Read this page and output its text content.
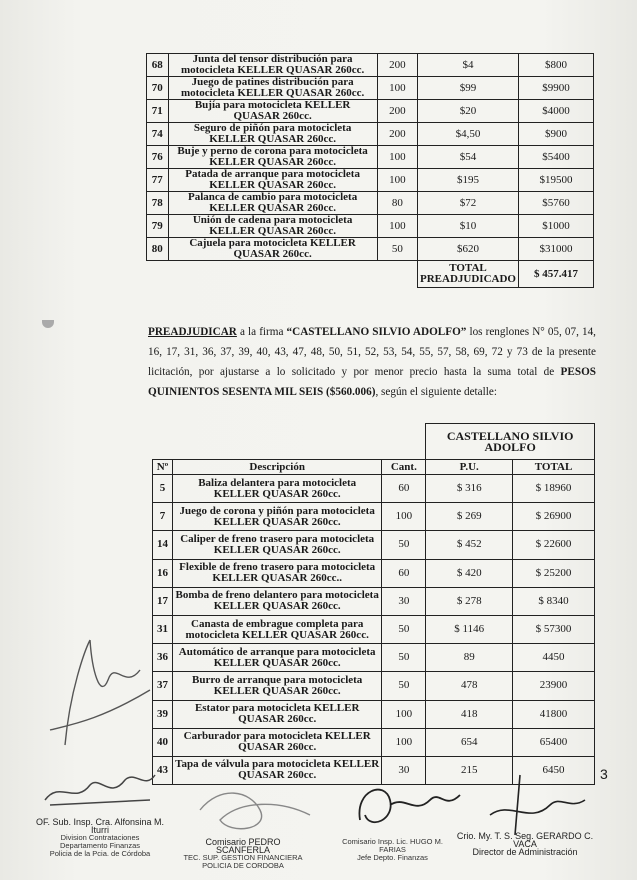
68	Junta del tensor distribución para motocicleta KELLER QUASAR 260cc.	200	$4	$800
70	Juego de patines distribución para motocicleta KELLER QUASAR 260cc.	100	$99	$9900
71	Bujía para motocicleta KELLER QUASAR 260cc.	200	$20	$4000
74	Seguro de piñón para motocicleta KELLER QUASAR 260cc.	200	$4,50	$900
76	Buje y perno de corona para motocicleta KELLER QUASAR 260cc.	100	$54	$5400
77	Patada de arranque para motocicleta KELLER QUASAR 260cc.	100	$195	$19500
78	Palanca de cambio para motocicleta KELLER QUASAR 260cc.	80	$72	$5760
79	Unión de cadena para motocicleta KELLER QUASAR 260cc.	100	$10	$1000
80	Cajuela para motocicleta KELLER QUASAR 260cc.	50	$620	$31000
			TOTAL PREADJUDICADO	$ 457.417
PREADJUDICAR a la firma “CASTELLANO SILVIO ADOLFO” los renglones N° 05, 07, 14, 16, 17, 31, 36, 37, 39, 40, 43, 47, 48, 50, 51, 52, 53, 54, 55, 57, 58, 69, 72 y 73 de la presente licitación, por ajustarse a lo solicitado y por menor precio hasta la suma total de PESOS QUINIENTOS SESENTA MIL SEIS ($560.006), según el siguiente detalle:
			CASTELLANO SILVIO ADOLFO	
Nº	Descripción	Cant.	P.U.	TOTAL
5	Baliza delantera para motocicleta KELLER QUASAR 260cc.	60	$ 316	$ 18960
7	Juego de corona y piñón para motocicleta KELLER QUASAR 260cc.	100	$ 269	$ 26900
14	Caliper de freno trasero para motocicleta KELLER QUASAR 260cc.	50	$ 452	$ 22600
16	Flexible de freno trasero para motocicleta KELLER QUASAR 260cc..	60	$ 420	$ 25200
17	Bomba de freno delantero para motocicleta KELLER QUASAR 260cc.	30	$ 278	$ 8340
31	Canasta de embrague completa para motocicleta KELLER QUASAR 260cc.	50	$ 1146	$ 57300
36	Automático de arranque para motocicleta KELLER QUASAR 260cc.	50	89	4450
37	Burro de arranque para motocicleta KELLER QUASAR 260cc.	50	478	23900
39	Estator para motocicleta KELLER QUASAR 260cc.	100	418	41800
40	Carburador para motocicleta KELLER QUASAR 260cc.	100	654	65400
43	Tapa de válvula para motocicleta KELLER QUASAR 260cc.	30	215	6450	3
OF. Sub. Insp. Cra. Alfonsina M. Iturri
Division Contrataciones
Departamento Finanzas
Policia de la Pcia. de Córdoba
Comisario PEDRO SCANFERLA
TEC. SUP. GESTION FINANCIERA
POLICIA DE CORDOBA
Comisario Insp. Lic. HUGO M. FARIAS
Jefe Depto. Finanzas
Crio. My. T. S. Seg. GERARDO C. VACA
Director de Administración
